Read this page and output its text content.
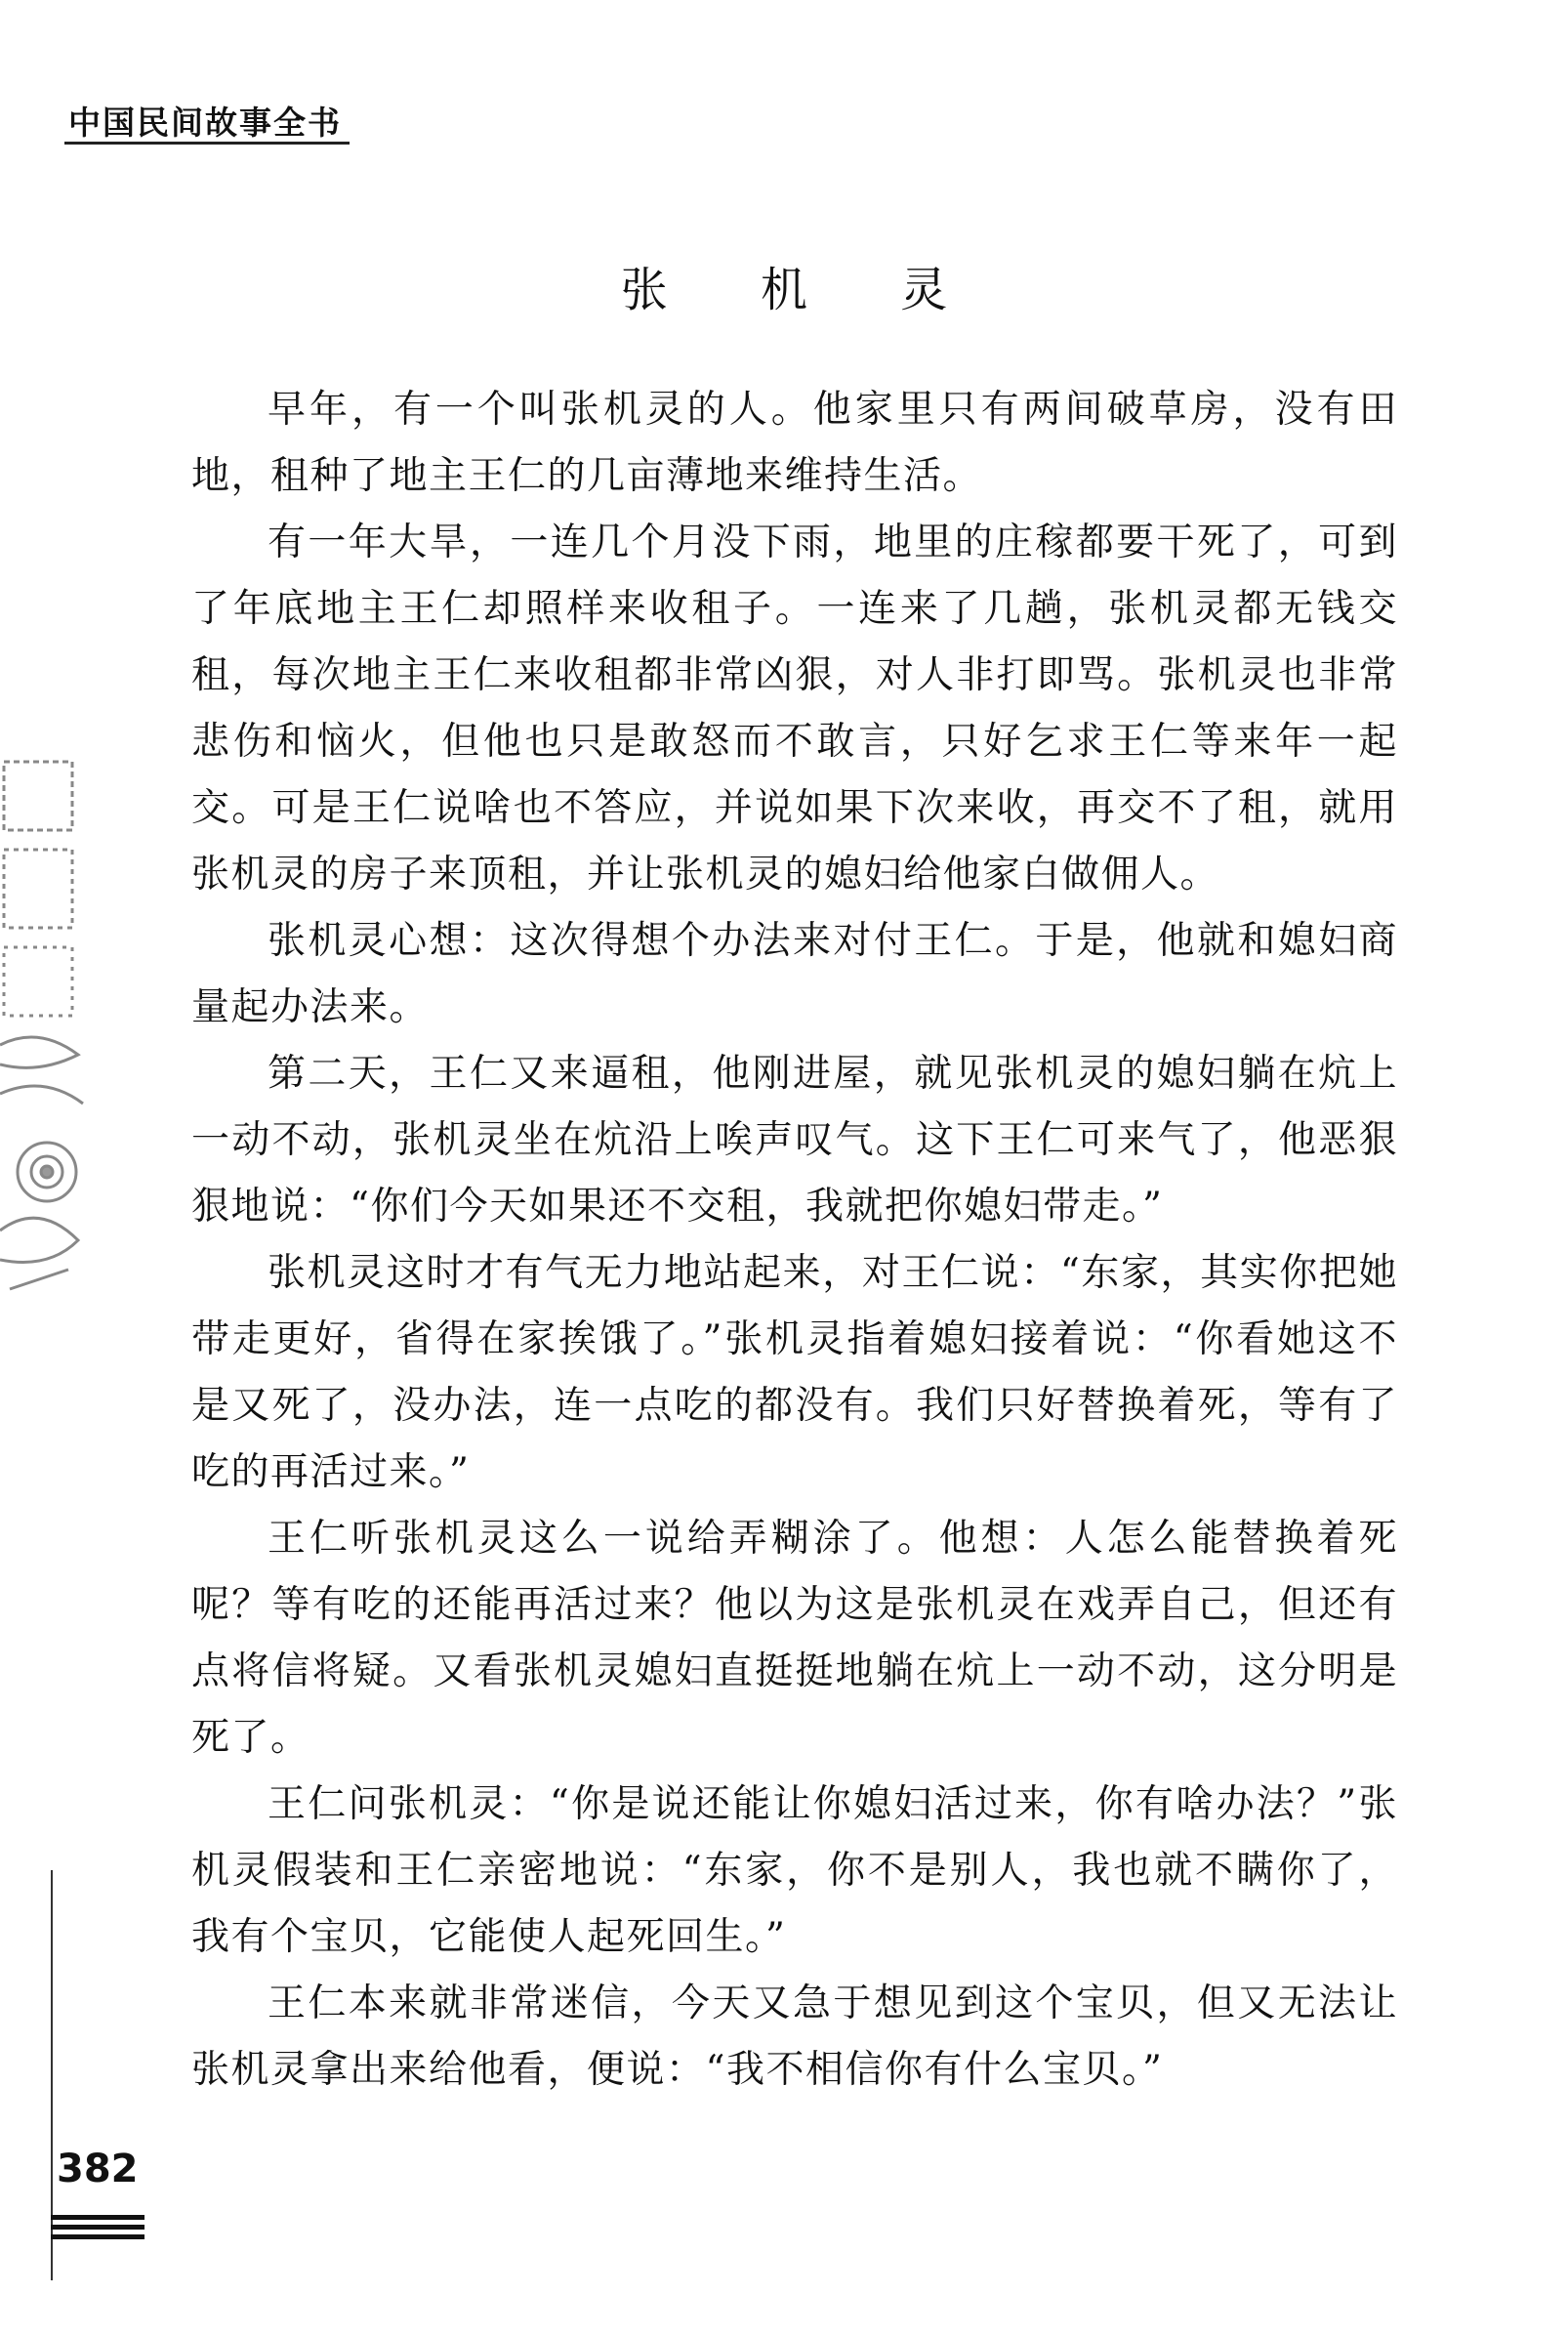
中国民间故事全书
张 机 灵

早年，有一个叫张机灵的人。他家里只有两间破草房，没有田地，租种了地主王仁的几亩薄地来维持生活。

有一年大旱，一连几个月没下雨，地里的庄稼都要干死了，可到了年底地主王仁却照样来收租子。一连来了几趟，张机灵都无钱交租，每次地主王仁来收租都非常凶狠，对人非打即骂。张机灵也非常悲伤和恼火，但他也只是敢怒而不敢言，只好乞求王仁等来年一起交。可是王仁说啥也不答应，并说如果下次来收，再交不了租，就用张机灵的房子来顶租，并让张机灵的媳妇给他家白做佣人。

张机灵心想：这次得想个办法来对付王仁。于是，他就和媳妇商量起办法来。

第二天，王仁又来逼租，他刚进屋，就见张机灵的媳妇躺在炕上一动不动，张机灵坐在炕沿上唉声叹气。这下王仁可来气了，他恶狠狠地说：“你们今天如果还不交租，我就把你媳妇带走。”

张机灵这时才有气无力地站起来，对王仁说：“东家，其实你把她带走更好，省得在家挨饿了。”张机灵指着媳妇接着说：“你看她这不是又死了，没办法，连一点吃的都没有。我们只好替换着死，等有了吃的再活过来。”

王仁听张机灵这么一说给弄糊涂了。他想：人怎么能替换着死呢？等有吃的还能再活过来？他以为这是张机灵在戏弄自己，但还有点将信将疑。又看张机灵媳妇直挺挺地躺在炕上一动不动，这分明是死了。

王仁问张机灵：“你是说还能让你媳妇活过来，你有啥办法？”张机灵假装和王仁亲密地说：“东家，你不是别人，我也就不瞒你了，我有个宝贝，它能使人起死回生。”

王仁本来就非常迷信，今天又急于想见到这个宝贝，但又无法让张机灵拿出来给他看，便说：“我不相信你有什么宝贝。”

382
